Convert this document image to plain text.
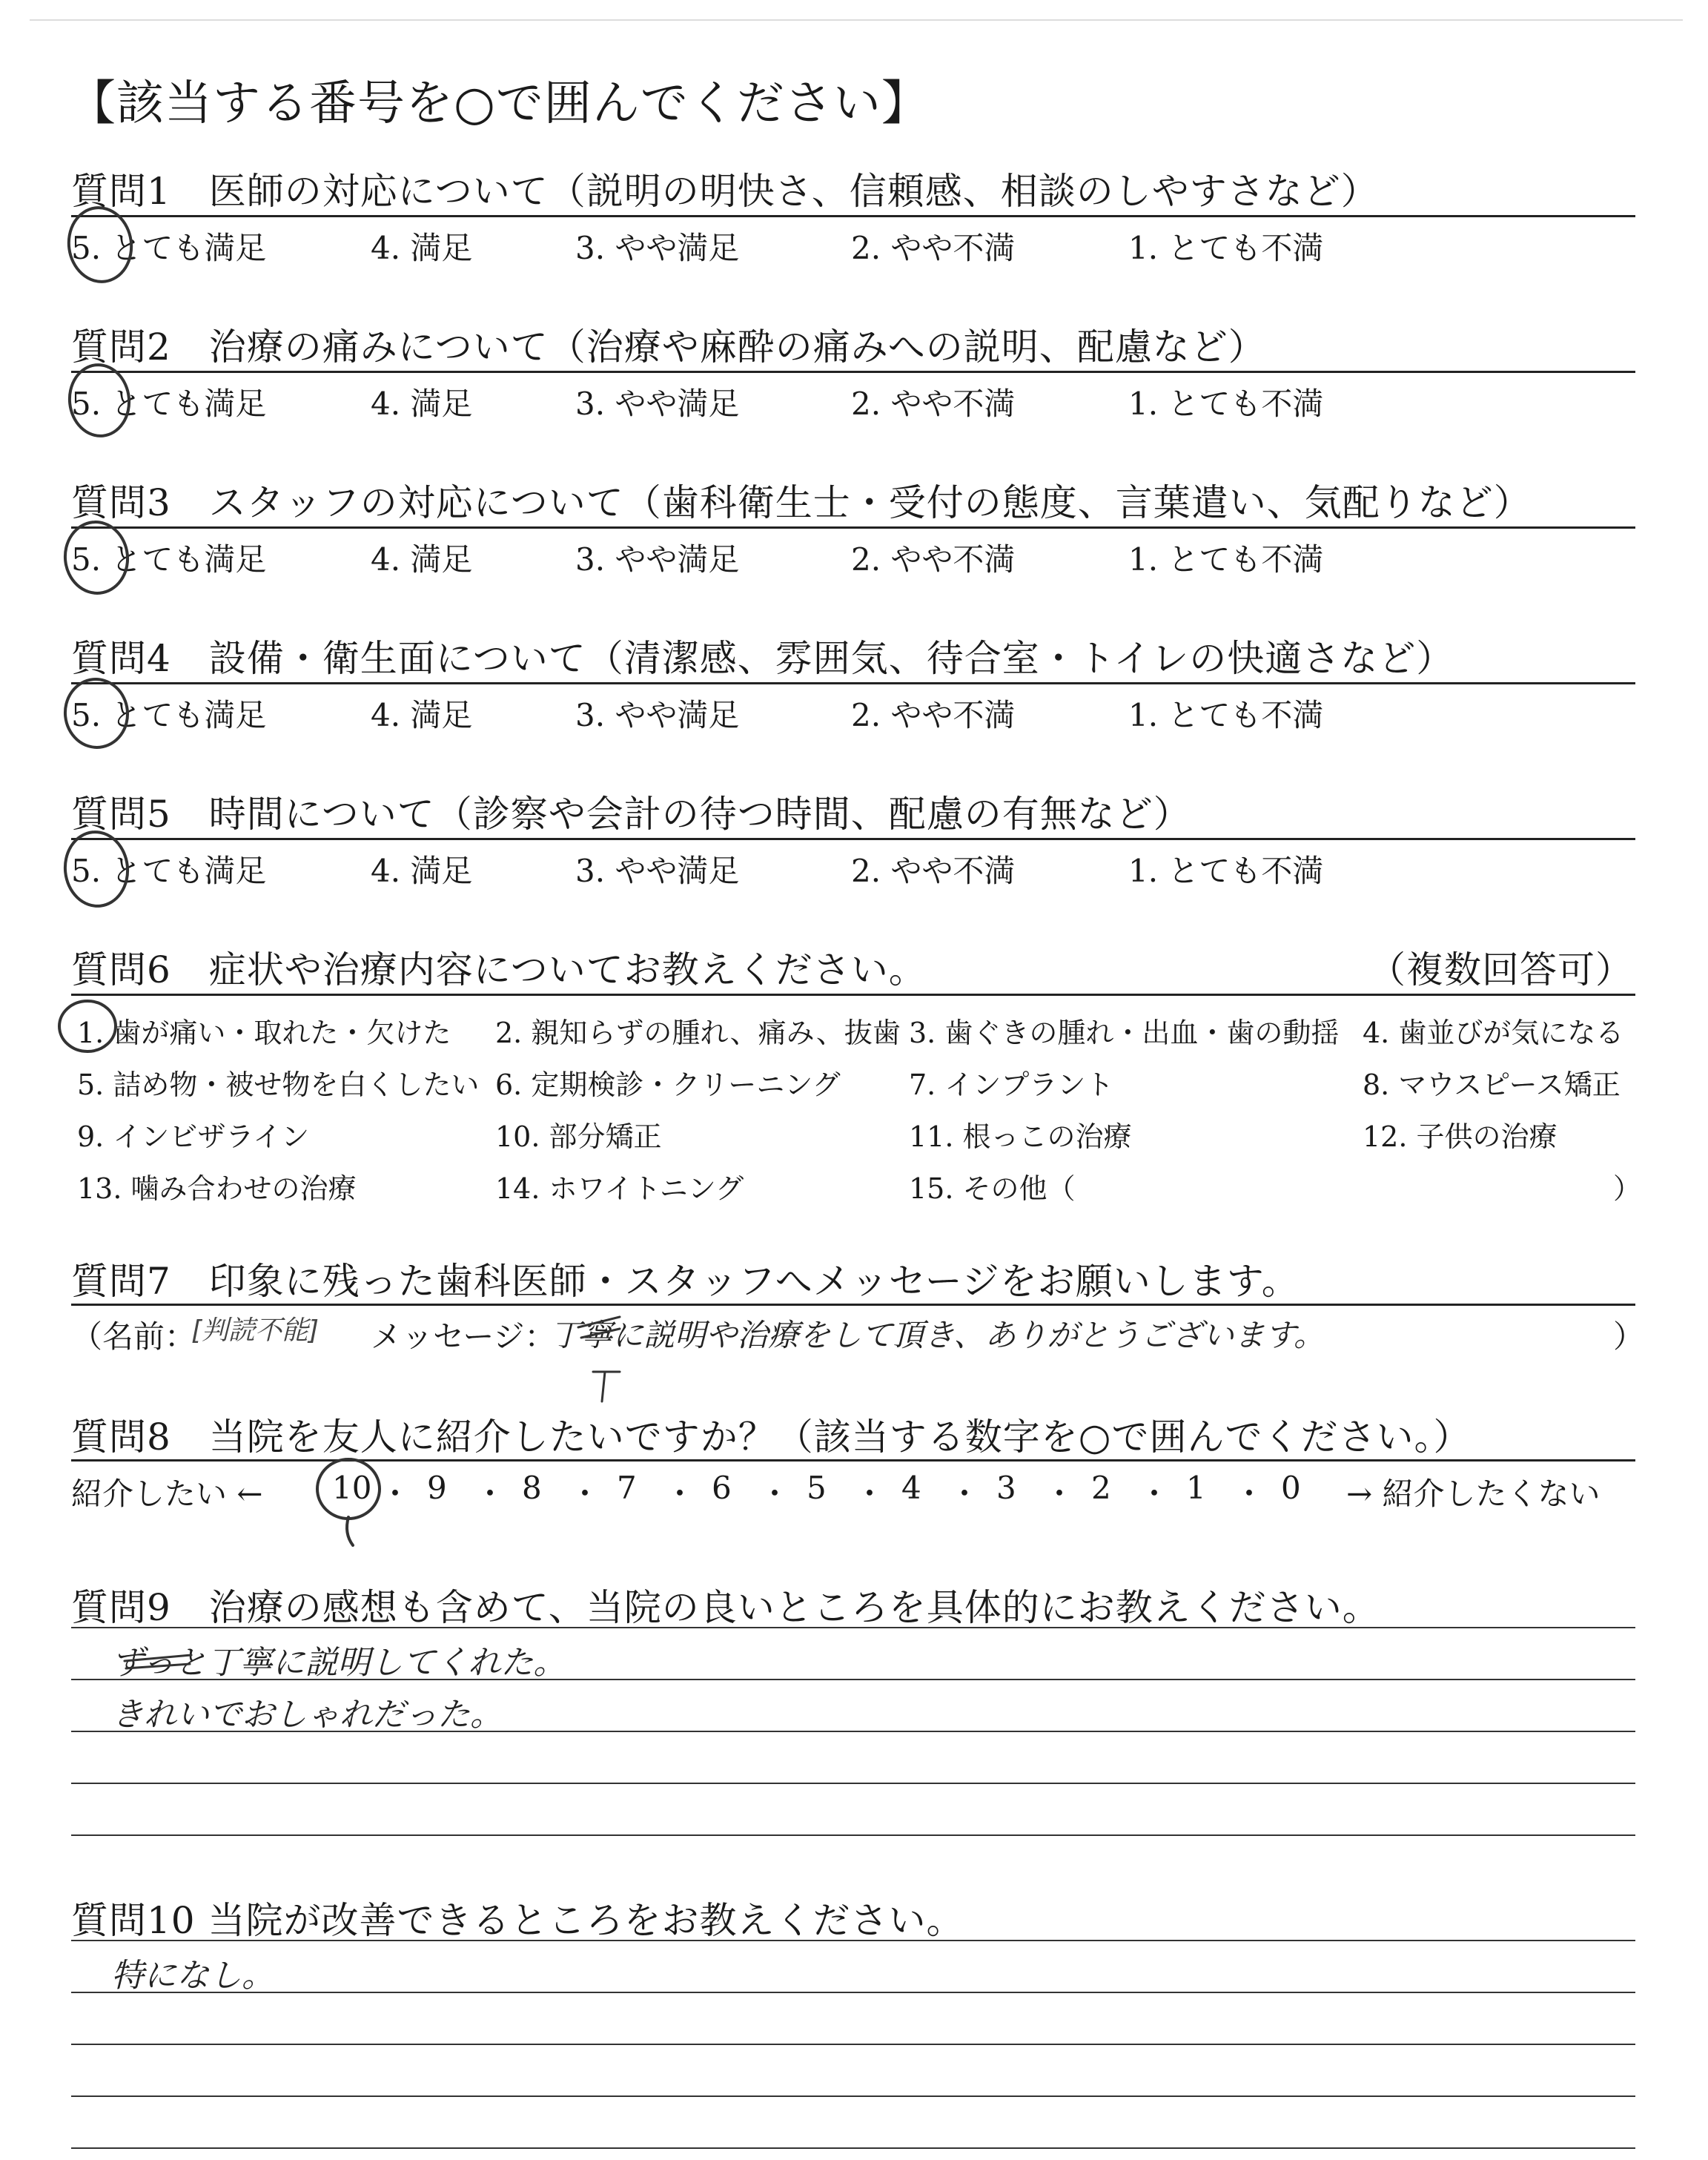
【該当する番号を○で囲んでください】
質問1　医師の対応について（説明の明快さ、信頼感、相談のしやすさなど）
5. とても満足	4. 満足	3. やや満足	2. やや不満	1. とても不満
質問2　治療の痛みについて（治療や麻酔の痛みへの説明、配慮など）
5. とても満足	4. 満足	3. やや満足	2. やや不満	1. とても不満
質問3　スタッフの対応について（歯科衛生士・受付の態度、言葉遣い、気配りなど）
5. とても満足	4. 満足	3. やや満足	2. やや不満	1. とても不満
質問4　設備・衛生面について（清潔感、雰囲気、待合室・トイレの快適さなど）
5. とても満足	4. 満足	3. やや満足	2. やや不満	1. とても不満
質問5　時間について（診察や会計の待つ時間、配慮の有無など）
5. とても満足	4. 満足	3. やや満足	2. やや不満	1. とても不満
質問6　症状や治療内容についてお教えください。	（複数回答可）
1. 歯が痛い・取れた・欠けた 2. 親知らずの腫れ、痛み、抜歯 3. 歯ぐきの腫れ・出血・歯の動揺 4. 歯並びが気になる
5. 詰め物・被せ物を白くしたい 6. 定期検診・クリーニング 7. インプラント	8. マウスピース矯正
9. インビザライン	10. 部分矯正	11. 根っこの治療	12. 子供の治療
13. 噛み合わせの治療	14. ホワイトニング	15. その他（	）
質問7　印象に残った歯科医師・スタッフへメッセージをお願いします。
（名前：
[判読不能] メッセージ：
丁寧に説明や治療をして頂き、ありがとうございます。	）
質問8　当院を友人に紹介したいですか？（該当する数字を○で囲んでください。）
紹介したい ← 10 ・ 9 ・ 8 ・ 7 ・ 6 ・ 5 ・ 4 ・ 3 ・ 2 ・ 1 ・ 0 → 紹介したくない
質問9　治療の感想も含めて、当院の良いところを具体的にお教えください。
ずっと丁寧に説明してくれた。
きれいでおしゃれだった。
質問10 当院が改善できるところをお教えください。
特になし。
